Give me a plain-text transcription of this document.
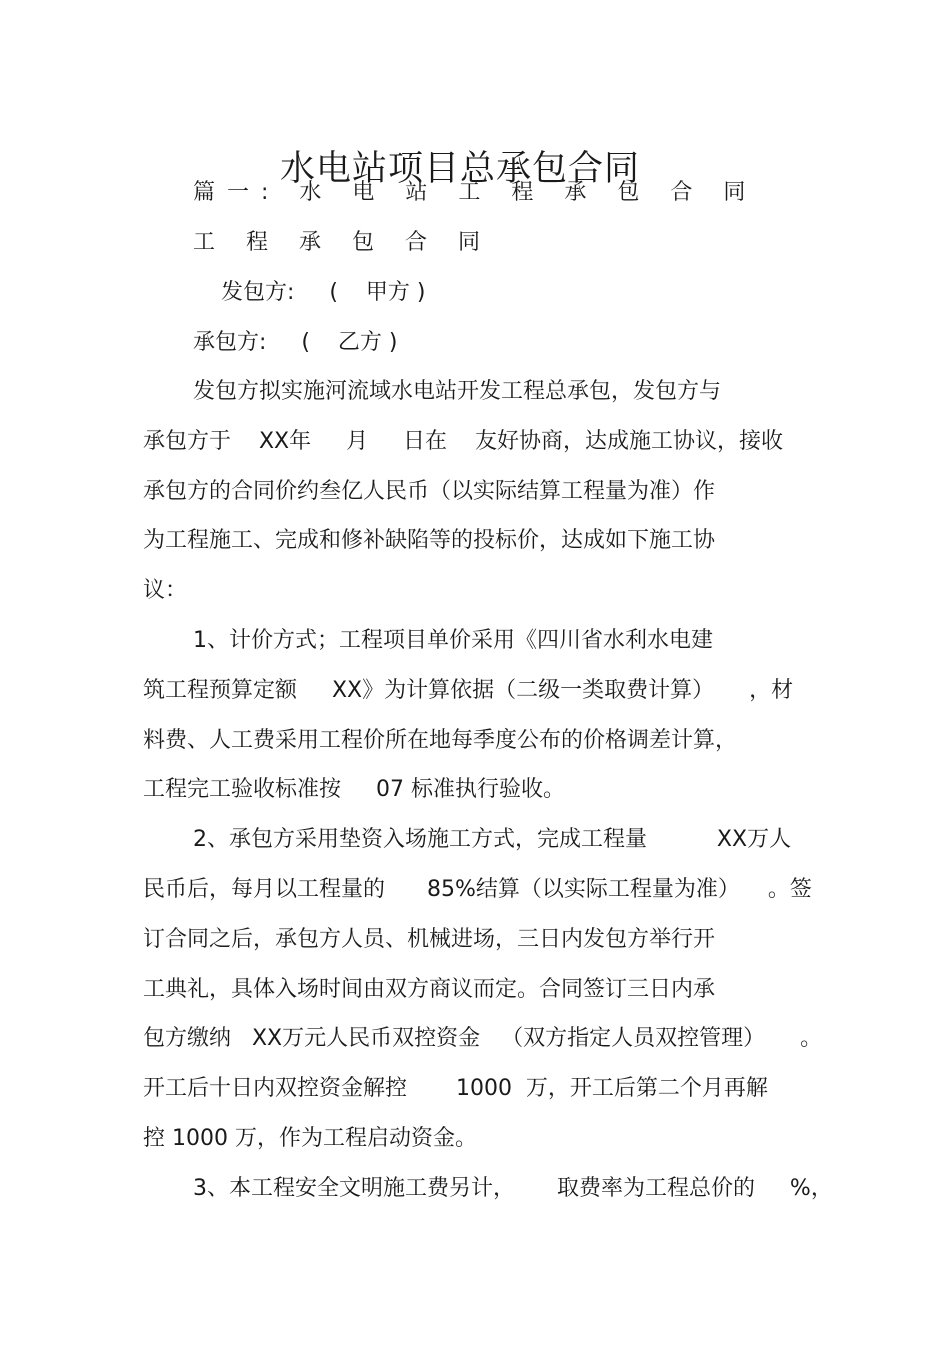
水电站项目总承包合同

篇一: 水 电 站 工 程 承 包 合 同

工 程 承 包 合 同

发包方:     (    甲方 )

承包方:     (    乙方 )

发包方拟实施河流域水电站开发工程总承包，发包方与

承包方于    XX年     月     日在    友好协商，达成施工协议，接收

承包方的合同价约叁亿人民币（以实际结算工程量为准）作

为工程施工、完成和修补缺陷等的投标价，达成如下施工协

议：

1、计价方式；工程项目单价采用《四川省水利水电建

筑工程预算定额     XX》为计算依据（二级一类取费计算）     ，材

料费、人工费采用工程价所在地每季度公布的价格调差计算，

工程完工验收标准按     07 标准执行验收。

2、承包方采用垫资入场施工方式，完成工程量          XX万人

民币后，每月以工程量的      85%结算（以实际工程量为准）    。签

订合同之后，承包方人员、机械进场，三日内发包方举行开

工典礼，具体入场时间由双方商议而定。合同签订三日内承

包方缴纳   XX万元人民币双控资金   （双方指定人员双控管理）     。

开工后十日内双控资金解控       1000  万，开工后第二个月再解

控 1000 万，作为工程启动资金。

3、本工程安全文明施工费另计，      取费率为工程总价的     %，
